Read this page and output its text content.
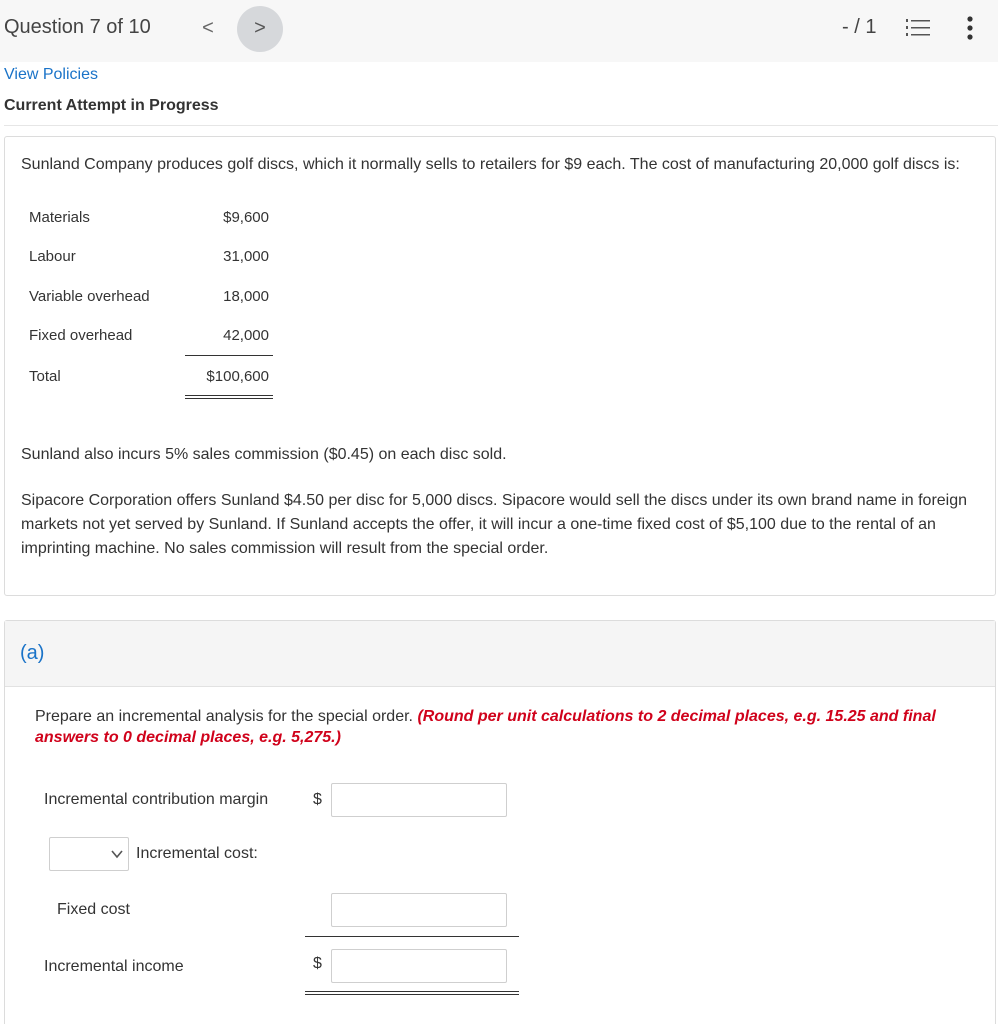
Question 7 of 10	<	>	- / 1
View Policies
Current Attempt in Progress
Sunland Company produces golf discs, which it normally sells to retailers for $9 each. The cost of manufacturing 20,000 golf discs is:
Materials	$9,600
Labour	31,000
Variable overhead	18,000
Fixed overhead	42,000
Total	$100,600
Sunland also incurs 5% sales commission ($0.45) on each disc sold.
Sipacore Corporation offers Sunland $4.50 per disc for 5,000 discs. Sipacore would sell the discs under its own brand name in foreign markets not yet served by Sunland. If Sunland accepts the offer, it will incur a one-time fixed cost of $5,100 due to the rental of an imprinting machine. No sales commission will result from the special order.
(a)
Prepare an incremental analysis for the special order. (Round per unit calculations to 2 decimal places, e.g. 15.25 and final answers to 0 decimal places, e.g. 5,275.)
Incremental contribution margin	$
Incremental cost:
Fixed cost
Incremental income	$
